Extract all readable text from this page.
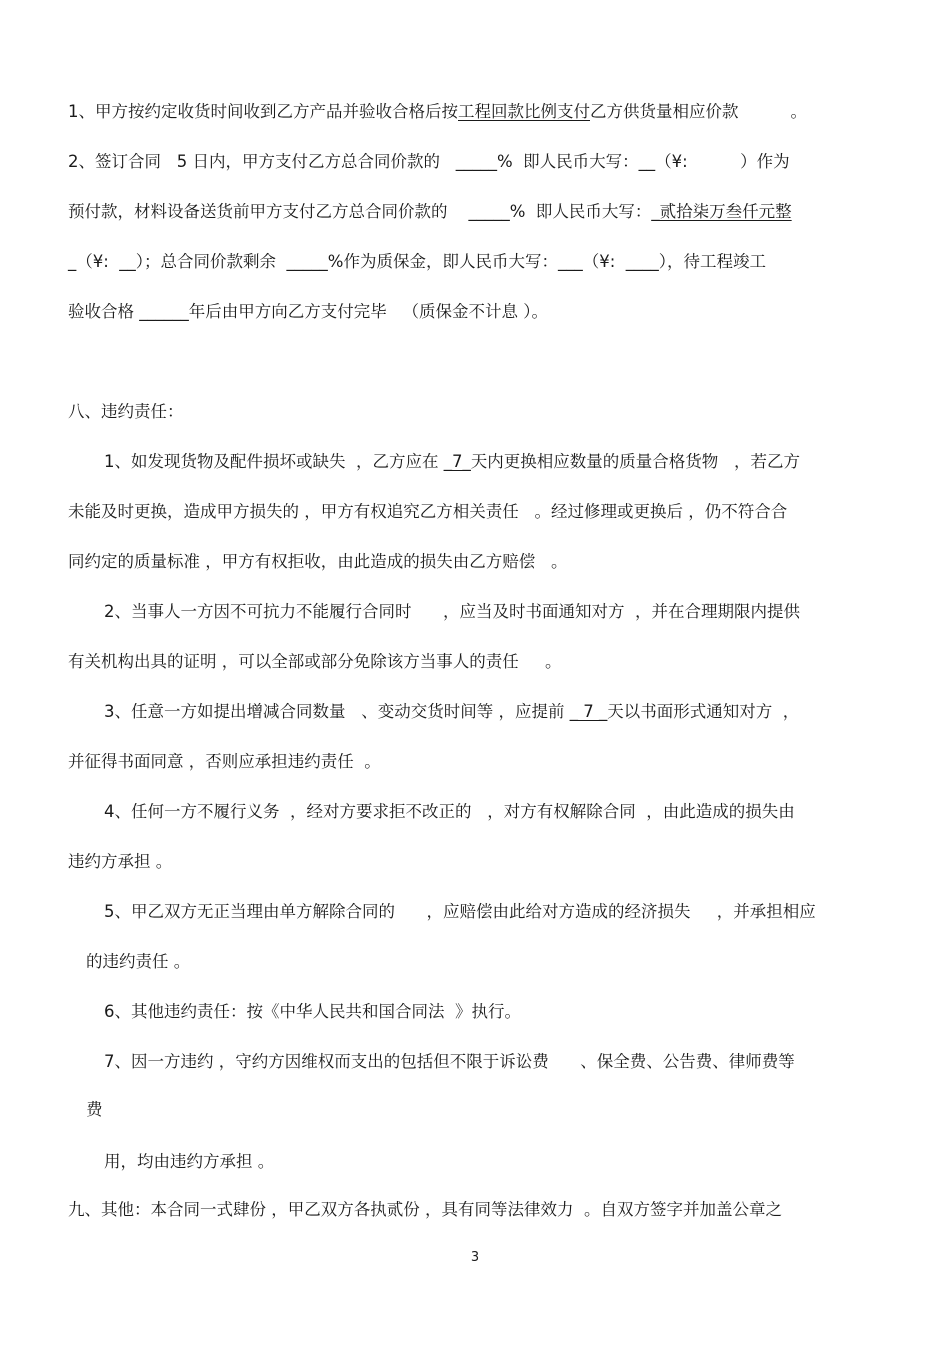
1、甲方按约定收货时间收到乙方产品并验收合格后按工程回款比例支付乙方供货量相应价款	。
2、签订合同   5 日内，甲方支付乙方总合同价款的   _____%  即人民币大写：__（¥:          ）作为
预付款，材料设备送货前甲方支付乙方总合同价款的    _____%  即人民币大写：_贰拾柒万叁仟元整
_（¥:  __）；总合同价款剩余  _____%作为质保金，即人民币大写：___（¥:  ____），待工程竣工
验收合格 ______年后由甲方向乙方支付完毕   （质保金不计息 ）。
八、违约责任：
1、如发现货物及配件损坏或缺失  ，乙方应在 _7_天内更换相应数量的质量合格货物   ，若乙方
未能及时更换，造成甲方损失的 ，甲方有权追究乙方相关责任   。经过修理或更换后 ，仍不符合合
同约定的质量标准 ，甲方有权拒收，由此造成的损失由乙方赔偿   。
2、当事人一方因不可抗力不能履行合同时      ，应当及时书面通知对方  ，并在合理期限内提供
有关机构出具的证明 ，可以全部或部分免除该方当事人的责任     。
3、任意一方如提出增减合同数量   、变动交货时间等 ，应提前 _ 7 _天以书面形式通知对方  ，
并征得书面同意 ，否则应承担违约责任  。
4、任何一方不履行义务  ，经对方要求拒不改正的   ，对方有权解除合同  ，由此造成的损失由
违约方承担 。
5、甲乙双方无正当理由单方解除合同的      ，应赔偿由此给对方造成的经济损失     ，并承担相应
的违约责任 。
6、其他违约责任：按《中华人民共和国合同法  》执行。
7、因一方违约 ，守约方因维权而支出的包括但不限于诉讼费      、保全费、公告费、律师费等
费
用，均由违约方承担 。
九、其他：本合同一式肆份 ，甲乙双方各执贰份 ，具有同等法律效力  。自双方签字并加盖公章之
3
